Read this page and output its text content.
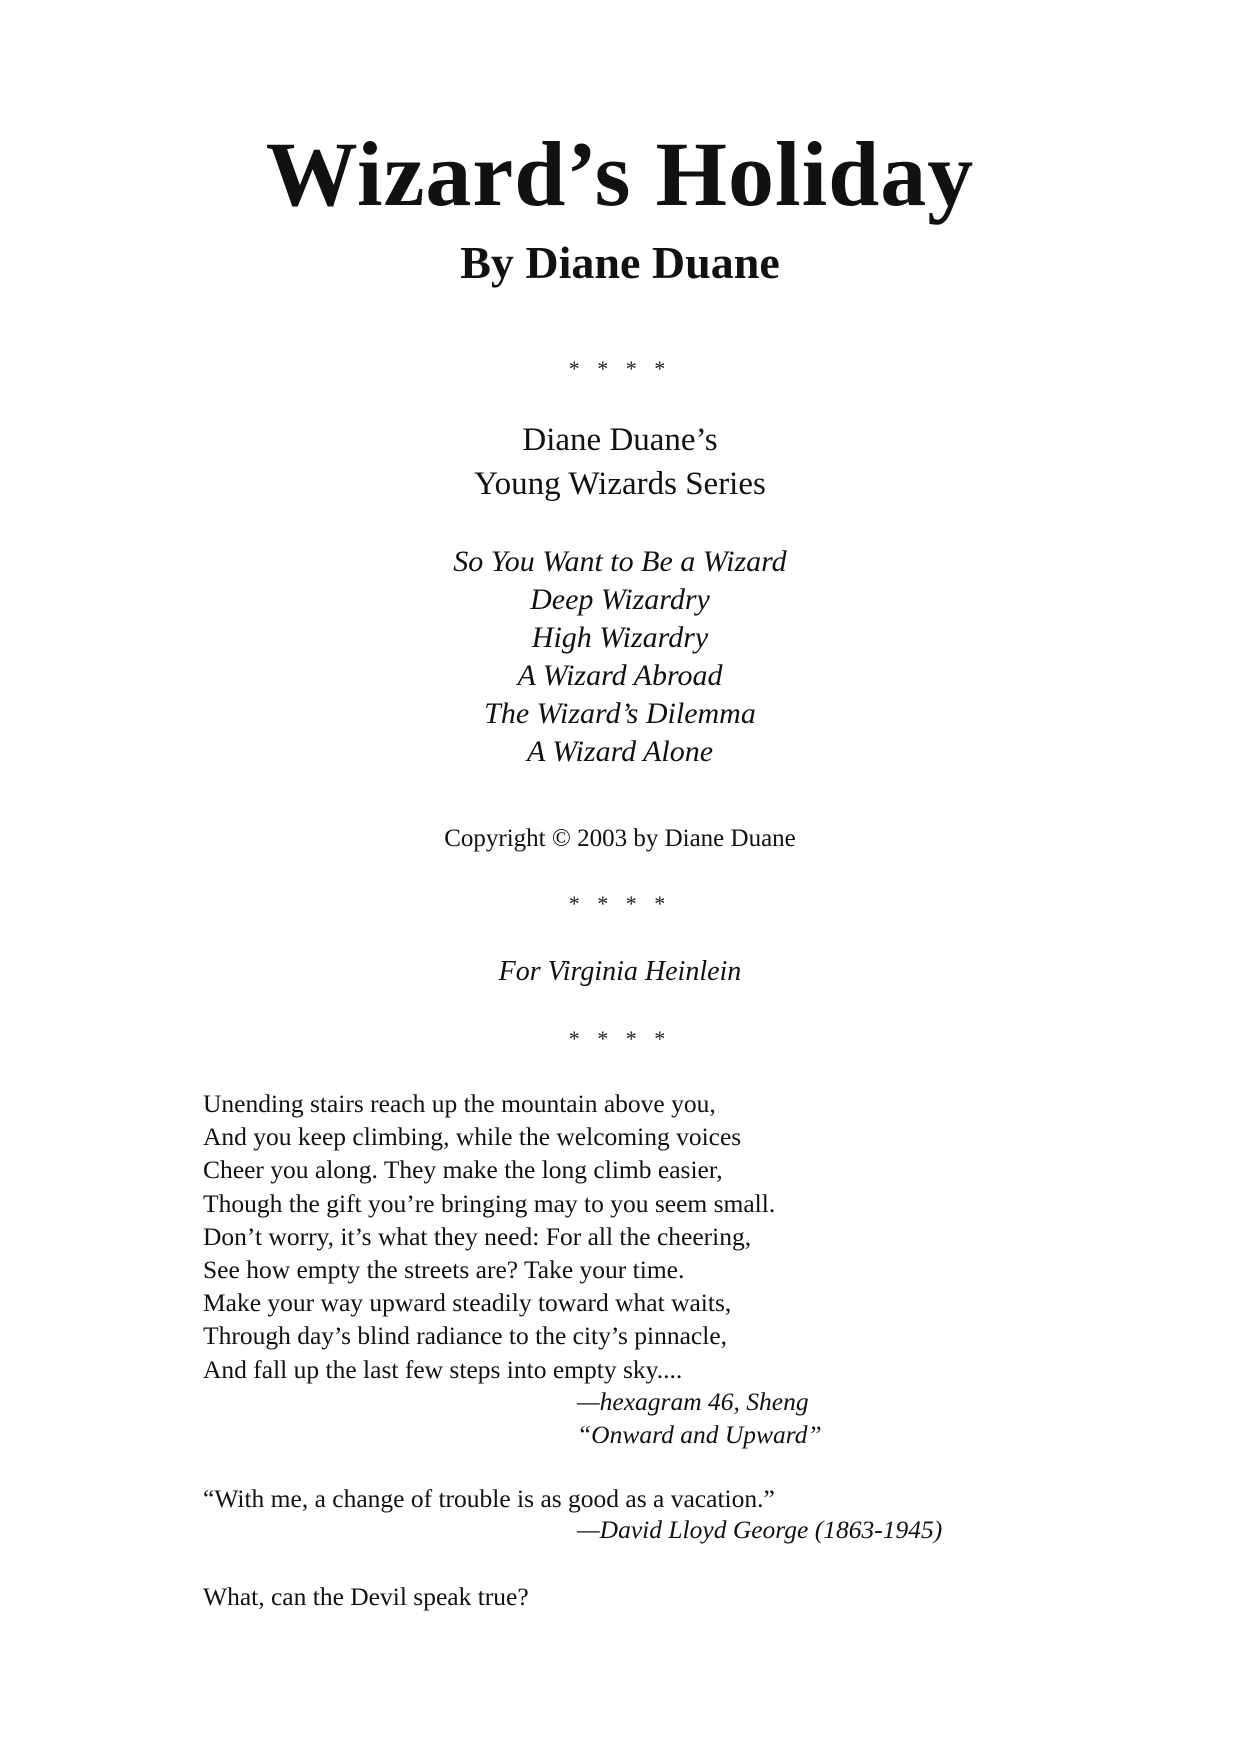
Wizard’s Holiday
By Diane Duane
* * * *
Diane Duane’s
Young Wizards Series
So You Want to Be a Wizard
Deep Wizardry
High Wizardry
A Wizard Abroad
The Wizard’s Dilemma
A Wizard Alone
Copyright © 2003 by Diane Duane
* * * *
For Virginia Heinlein
* * * *
Unending stairs reach up the mountain above you,
And you keep climbing, while the welcoming voices
Cheer you along. They make the long climb easier,
Though the gift you’re bringing may to you seem small.
Don’t worry, it’s what they need: For all the cheering,
See how empty the streets are? Take your time.
Make your way upward steadily toward what waits,
Through day’s blind radiance to the city’s pinnacle,
And fall up the last few steps into empty sky....
—hexagram 46, Sheng
“Onward and Upward”
“With me, a change of trouble is as good as a vacation.”
—David Lloyd George (1863-1945)
What, can the Devil speak true?
